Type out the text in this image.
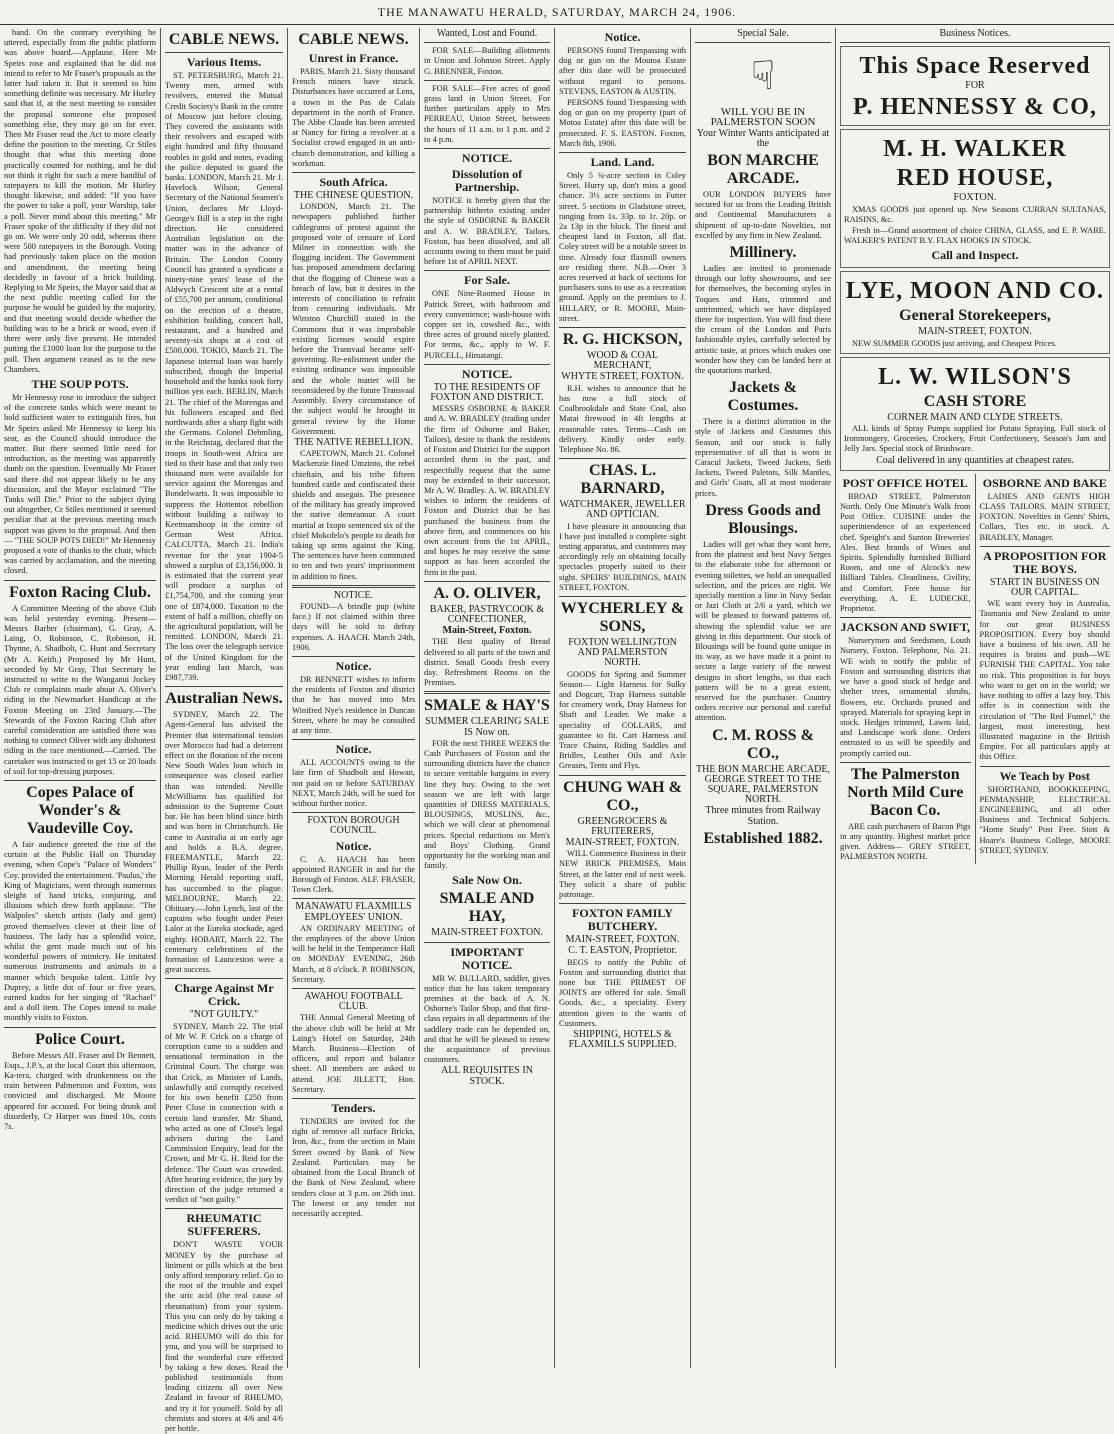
THE MANAWATU HERALD, SATURDAY, MARCH 24, 1906.

band. On the contrary everything be uttered, especially from the public platform was above board.—Applause. Here Mr Speirs rose and explained that he did not intend to refer to Mr Fraser's proposals as the latter had taken it. But it seemed to him something definite was necessary. Mr Hurley said that if, at the next meeting to consider the proposal someone else proposed something else, they may go on for ever. Then Mr Fraser read the Act to more clearly define the position to the meeting. Cr Stiles thought that what this meeting done practically counted for nothing, and he did not think it right for such a mere handful of ratepayers to kill the motion. Mr Hurley thought likewise, and added: "If you have the power to take a poll, your Worship, take a poll. Never mind about this meeting." Mr Fraser spoke of the difficulty if they did not go on. We were only 20 odd, whereas there were 500 ratepayers in the Borough. Voting had previously taken place on the motion and amendment, the meeting being decidedly in favour of a brick building. Replying to Mr Speirs, the Mayor said that at the next public meeting called for the purpose he would be guided by the majority, and that meeting would decide whether the building was to be a brick or wood, even if there were only five present. He intended putting the £1000 loan for the purpose to the poll. Then argument ceased as to the new Chambers.

THE SOUP POTS.

Mr Hennessy rose to introduce the subject of the concrete tanks which were meant to hold sufficient water to extinguish fires, but Mr Speirs asked Mr Hennessy to keep his seat, as the Council should introduce the matter. But there seemed little need for introduction, as the meeting was apparently dumb on the question. Eventually Mr Fraser said there did not appear likely to be any discussion, and the Mayor exclaimed "The Tanks will Die." Prior to the subject dying out altogether, Cr Stiles mentioned it seemed peculiar that at the previous meeting much support was given to the proposal. And then— "THE SOUP POTS DIED!" Mr Hennessy proposed a vote of thanks to the chair, which was carried by acclamation, and the meeting closed.

Foxton Racing Club.

A Committee Meeting of the above Club was held yesterday evening. Present—Messrs Barber (chairman), G. Gray, A. Laing, O. Robinson, C. Robinson, H. Thynne, A. Shadbolt, C. Hunt and Secretary (Mr A. Keith.) Proposed by Mr Hunt, seconded by Mr Gray, That Secretary be instructed to write to the Wanganui Jockey Club re complaints made about A. Oliver's riding in the Newmarket Handicap at the Foxton Meeting on 23rd January.—The Stewards of the Foxton Racing Club after careful consideration are satisfied there was nothing to connect Oliver with any dishonest riding in the race mentioned.—Carried. The caretaker was instructed to get 15 or 20 loads of soil for top-dressing purposes.

Copes Palace of Wonder's & Vaudeville Coy.

A fair audience greeted the rise of the curtain at the Public Hall on Thursday evening, when Cope's "Palace of Wonders" Coy. provided the entertainment. 'Paulus,' the King of Magicians, went through numerous sleight of hand tricks, conjuring, and illusions which drew forth applause. "The Walpoles" sketch artists (lady and gent) proved themselves clever at their line of business. The lady has a splendid voice, whilst the gent made much out of his wonderful powers of mimicry. He imitated numerous instruments and animals in a manner which bespoke talent. Little Ivy Duprey, a little dot of four or five years, earned kudos for her singing of "Rachael" and a doll item. The Copes intend to make monthly visits to Foxton.

Police Court.

Before Messrs Alf. Fraser and Dr Bennett, Esqs., J.P.'s, at the local Court this afternoon, Ka-tera, charged with drunkenness on the train between Palmerston and Foxton, was convicted and discharged. Mr Moore appeared for accused. For being drunk and disorderly, Cr Harper was fined 10s, costs 7s.

CABLE NEWS.
Various Items.

ST. PETERSBURG, March 21. Twenty men, armed with revolvers, entered the Mutual Credit Society's Bank in the centre of Moscow just before closing. They covered the assistants with their revolvers and escaped with eight hundred and fifty thousand roubles in gold and notes, evading the police deputed to guard the banks. LONDON, March 21. Mr J. Havelock Wilson, General Secretary of the National Seamen's Union, declares Mr Lloyd-George's Bill is a step in the right direction. He considered Australian legislation on the matter was in the advance of Britain. The London County Council has granted a syndicate a ninety-nine years' lease of the Aldwych Crescent site at a rental of £55,700 per annum, conditional on the erection of a theatre, exhibition building, concert hall, restaurant, and a hundred and seventy-six shops at a cost of £500,000. TOKIO, March 21. The Japanese internal loan was barely subscribed, though the Imperial household and the banks took forty million yen each. BERLIN, March 21. The chief of the Morengas and his followers escaped and fled northwards after a sharp fight with the Germans. Colonel Dehmling, in the Reichstag, declared that the troops in South-west Africa are tied to their base and that only two thousand men were available for service against the Morengas and Bondelwarts. It was impossible to suppress the Hottentot rebellion without building a railway to Keetmanshoop in the centre of German West Africa. CALCUTTA, March 21. India's revenue for the year 1904-5 showed a surplus of £3,156,000. It is estimated that the current year will produce a surplus of £1,754,700, and the coming year one of £874,000. Taxation to the extent of half a million, chiefly on the agricultural population, will be remitted. LONDON, March 21. The loss over the telegraph service of the United Kingdom for the year ending last March, was £987,739.

Australian News.

SYDNEY, March 22. The Agent-General has advised the Premier that international tension over Morocco had had a deterrent effect on the flotation of the recent New South Wales loan which in consequence was closed earlier than was intended. Neville McWilliams has qualified for admission to the Supreme Court bar. He has been blind since birth and was born in Christchurch. He came to Australia at an early age and holds a B.A. degree. FREEMANTLE, March 22. Phillip Ryan, leader of the Perth Morning Herald reporting staff, has succumbed to the plague. MELBOURNE, March 22. Obituary.—John Lynch, last of the captains who fought under Peter Lalor at the Eureka stockade, aged eighty. HOBART, March 22. The centenary celebrations of the formation of Launceston were a great success.

Charge Against Mr Crick.
"NOT GUILTY."

SYDNEY, March 22. The trial of Mr W. P. Crick on a charge of corruption came to a sudden and sensational termination in the Criminal Court. The charge was that Crick, as Minister of Lands, unlawfully and corruptly received for his own benefit £250 from Peter Close in connection with a certain land transfer. Mr Shand, who acted as one of Close's legal advisers during the Land Commission Enquiry, lead for the Crown, and Mr G. H. Reid for the defence. The Court was crowded. After hearing evidence, the jury by direction of the judge returned a verdict of "not guilty."

RHEUMATIC SUFFERERS.

DON'T WASTE YOUR MONEY by the purchase of liniment or pills which at the best only afford temporary relief. Go to the root of the trouble and expel the uric acid (the real cause of rheumatism) from your system. This you can only do by taking a medicine which drives out the uric acid. RHEUMO will do this for you, and you will be surprised to find the wonderful cure effected by taking a few doses. Read the published testimonials from leading citizens all over New Zealand in favour of RHEUMO, and try it for yourself. Sold by all chemists and stores at 4/6 and 4/6 per bottle.

CABLE NEWS.
Unrest in France.

PARIS, March 21. Sixty thousand French miners have struck. Disturbances have occurred at Lens, a town in the Pas de Calais department in the north of France. The Abbe Claude has been arrested at Nancy for firing a revolver at a Socialist crowd engaged in an anti-church demonstration, and killing a workman.

South Africa.
THE CHINESE QUESTION.

LONDON, March 21. The newspapers published further cablegrams of protest against the proposed vote of censure of Lord Milner in connection with the flogging incident. The Government has proposed amendment declaring that the flogging of Chinese was a breach of law, but it desires in the interests of conciliation to refrain from censuring individuals. Mr Winston Churchill stated in the Commons that it was improbable existing licenses would expire before the Transvaal became self-governing. Re-enlistment under the existing ordinance was impossible and the whole matter will be reconsidered by the future Transvaal Assembly. Every circumstance of the subject would be brought in general review by the Home Government.

THE NATIVE REBELLION.

CAPETOWN, March 21. Colonel Mackenzie fined Umzinto, the rebel chieftain, and his tribe fifteen hundred cattle and confiscated their shields and assegais. The presence of the military has greatly improved the native demeanour. A court martial at Ixopo sentenced six of the chief Mokofelo's people to death for taking up arms against the King. The sentences have been commuted to ten and two years' imprisonment in addition to fines.

NOTICE.

FOUND—A brindle pup (white face.) If not claimed within three days will be sold to defray expenses. A. HAACH. March 24th, 1906.

Notice.

DR BENNETT wishes to inform the residents of Foxton and district that he has moved into Mrs Winifred Nye's residence in Duncan Street, where he may be consulted at any time.

Notice.

ALL ACCOUNTS owing to the late firm of Shadbolt and Howan, not paid on or before SATURDAY NEXT, March 24th, will be sued for without further notice.

FOXTON BOROUGH COUNCIL.
Notice.

C. A. HAACH has been appointed RANGER in and for the Borough of Foxton. ALF. FRASER, Town Clerk.

MANAWATU FLAXMILLS EMPLOYEES' UNION.

AN ORDINARY MEETING of the employees of the above Union will be held in the Temperance Hall on MONDAY EVENING, 26th March, at 8 o'clock. P. ROBINSON, Secretary.

AWAHOU FOOTBALL CLUB.

THE Annual General Meeting of the above club will be held at Mr Laing's Hotel on Saturday, 24th March. Business—Election of officers, and report and balance sheet. All members are asked to attend. JOE JILLETT, Hon. Secretary.

Tenders.

TENDERS are invited for the right of remove all surface Bricks, Iron, &c., from the section in Main Street owned by Bank of New Zealand. Particulars may be obtained from the Local Branch of the Bank of New Zealand, where tenders close at 3 p.m. on 26th inst. The lowest or any tender not necessarily accepted.

Wanted, Lost and Found.

FOR SALE—Building allotments in Union and Johnson Street. Apply G. BRENNER, Foxton.

FOR SALE—Five acres of good grass land in Union Street. For further particulars apply to Mrs PERREAU, Union Street, between the hours of 11 a.m. to 1 p.m. and 2 to 4 p.m.

NOTICE.
Dissolution of Partnership.

NOTICE is hereby given that the partnership hitherto existing under the style of OSBORNE & BAKER and A. W. BRADLEY, Tailors, Foxton, has been dissolved, and all accounts owing to them must be paid before 1st of APRIL NEXT.

For Sale.

ONE Nine-Roomed House in Patrick Street, with bathroom and every convenience; wash-house with copper set in, cowshed &c., with three acres of ground nicely planted. For terms, &c., apply to W. F. PURCELL, Himatangi.

NOTICE.
TO THE RESIDENTS OF FOXTON AND DISTRICT.

MESSRS OSBORNE & BAKER and A. W. BRADLEY (trading under the firm of Osborne and Baker, Tailors), desire to thank the residents of Foxton and District for the support accorded them in the past, and respectfully request that the same may be extended to their successor, Mr A. W. Bradley. A. W. BRADLEY wishes to inform the residents of Foxton and District that he has purchased the business from the above firm, and commences on his own account from the 1st APRIL, and hopes he may receive the same support as has been accorded the firm in the past.

A. O. OLIVER,
BAKER, PASTRYCOOK & CONFECTIONER,
Main-Street, Foxton.

THE Best quality of Bread delivered to all parts of the town and district. Small Goods fresh every day. Refreshment Rooms on the Premises.

SMALE & HAY'S
SUMMER CLEARING SALE IS Now on.

FOR the next THREE WEEKS the Cash Purchasers of Foxton and the surrounding districts have the chance to secure veritable bargains in every line they buy. Owing to the wet season we are left with large quantities of DRESS MATERIALS, BLOUSINGS, MUSLINS, &c., which we will clear at phenomenal prices. Special reductions on Men's and Boys' Clothing. Grand opportunity for the working man and family.

Sale Now On.
SMALE AND HAY,
MAIN-STREET FOXTON.
IMPORTANT NOTICE.

MR W. BULLARD, saddler, gives notice that he has taken temporary premises at the back of A. N. Osborne's Tailor Shop, and that first-class repairs in all departments of the saddlery trade can be depended on, and that he will be pleased to renew the acquaintance of previous customers.

ALL REQUISITES IN STOCK.
Notice.

PERSONS found Trespassing with dog or gun on the Moutoa Estate after this date will be prosecuted without regard to persons. STEVENS, EASTON & AUSTIN.

PERSONS found Trespassing with dog or gun on my property (part of Motoa Estate) after this date will be prosecuted. F. S. EASTON. Foxton, March 8th, 1906.

Land. Land.

Only 5 ¾-acre section in Coley Street. Hurry up, don't miss a good chance. 3½ acre sections in Futter street. 5 sections in Gladstone street, ranging from 1s. 33p. to 1r. 20p. or 2a 13p in the block. The finest and cheapest land in Foxton, all flat. Coley street will be a notable street in time. Already four flaxmill owners are residing there. N.B.—Over 3 acres reserved at back of sections for purchasers sons to use as a recreation ground. Apply on the premises to J. HILLARY, or R. MOORE, Main-street.

R. G. HICKSON,
WOOD & COAL MERCHANT,
WHYTE STREET, FOXTON.

R.H. wishes to announce that he has now a full stock of Coalbrookdale and State Coal, also Matai firewood in 4ft lengths at reasonable rates. Terms—Cash on delivery. Kindly order early. Telephone No. 86.

CHAS. L. BARNARD,
WATCHMAKER, JEWELLER AND OPTICIAN.

I have pleasure in announcing that I have just installed a complete sight testing apparatus, and customers may accordingly rely on obtaining locally spectacles properly suited to their sight. SPEIRS' BUILDINGS, MAIN STREET, FOXTON.

WYCHERLEY & SONS,
FOXTON WELLINGTON AND PALMERSTON NORTH.

GOODS for Spring and Summer Season— Light Harness for Sulky and Dogcart, Trap Harness suitable for creamery work, Dray Harness for Shaft and Leader. We make a speciality of COLLARS, and guarantee to fit. Cart Harness and Trace Chains, Riding Saddles and Bridles, Leather Oils and Axle Greases, Tents and Flys.

CHUNG WAH & CO.,
GREENGROCERS & FRUITERERS,
MAIN-STREET, FOXTON.

WILL Commence Business in their NEW BRICK PREMISES, Main Street, at the latter end of next week. They solicit a share of public patronage.

FOXTON FAMILY BUTCHERY.
MAIN-STREET, FOXTON.
C. T. EASTON, Proprietor.

BEGS to notify the Public of Foxton and surrounding district that none but THE PRIMEST OF JOINTS are offered for sale. Small Goods, &c., a speciality. Every attention given to the wants of Customers.

SHIPPING, HOTELS & FLAXMILLS SUPPLIED.
Special Sale.
☟
WILL YOU BE IN PALMERSTON SOON
Your Winter Wants anticipated at the
BON MARCHE ARCADE.

OUR LONDON BUYERS have secured for us from the Leading British and Continental Manufacturers a shipment of up-to-date Novelties, not excelled by any firm in New Zealand.

Millinery.

Ladies are invited to promenade through our lofty showrooms, and see for themselves, the becoming styles in Toques and Hats, trimmed and untrimmed, which we have displayed there for inspection. You will find there the cream of the London and Paris fashionable styles, carefully selected by artistic taste, at prices which makes one wonder how they can be landed here at the quotations marked.

Jackets & Costumes.

There is a distinct alteration in the style of Jackets and Costumes this Season, and our stock is fully representative of all that is worn in Caracul Jackets, Tweed Jackets, Seth Jackets, Tweed Paletots, Silk Mantles, and Girls' Coats, all at most moderate prices.

Dress Goods and Blousings.

Ladies will get what they want here, from the plainest and best Navy Serges to the elaborate robe for afternoon or evening toilettes, we hold an unequalled selection, and the prices are right. We specially mention a line in Navy Sedan or Jazi Cloth at 2/6 a yard, which we will be pleased to forward patterns of, showing the splendid value we are giving in this department. Our stock of Blousings will be found quite unique in its way, as we have made it a point to secure a large variety of the newest designs in short lengths, so that each pattern will be to a great extent, reserved for the purchaser. Country orders receive our personal and careful attention.

C. M. ROSS & CO.,
THE BON MARCHE ARCADE, GEORGE STREET TO THE SQUARE, PALMERSTON NORTH.
Three minutes from Railway Station.
Established 1882.
Business Notices.
This Space Reserved
FOR
P. HENNESSY & CO,
M. H. WALKER
RED HOUSE,
FOXTON.

XMAS GOODS just opened up. New Seasons CURRAN SULTANAS, RAISINS, &c.

Fresh in—Grand assortment of choice CHINA, GLASS, and E. P. WARE. WALKER'S PATENT B.Y. FLAX HOOKS IN STOCK.

Call and Inspect.
LYE, MOON AND CO.
General Storekeepers,
MAIN-STREET, FOXTON.

NEW SUMMER GOODS just arriving, and Cheapest Prices.

L. W. WILSON'S
CASH STORE
CORNER MAIN AND CLYDE STREETS.

ALL kinds of Spray Pumps supplied for Potato Spraying. Full stock of Ironmongery, Groceries, Crockery, Fruit Confectionery, Season's Jam and Jelly Jars. Special stock of Brushware.

Coal delivered in any quantities at cheapest rates.
POST OFFICE HOTEL

BROAD STREET, Palmerston North. Only One Minute's Walk from Post Office. CUISINE under the superintendence of an experienced chef. Speight's and Sunton Breweries' Ales. Best brands of Wines and Spirits. Splendidly furnished Billiard Room, and one of Alcock's new Billiard Tables. Cleanliness, Civility, and Comfort. Free house for everything. A. E. LUDECKE, Proprietor.

JACKSON AND SWIFT,

Nurserymen and Seedsmen, Louth Nursery, Foxton. Telephone, No. 21. WE wish to notify the public of Foxton and surrounding districts that we have a good stock of hedge and shelter trees, ornamental shrubs, flowers, etc. Orchards pruned and sprayed. Materials for spraying kept in stock. Hedges trimmed, Lawns laid, and Landscape work done. Orders entrusted to us will be speedily and promptly carried out.

The Palmerston North Mild Cure Bacon Co.

ARE cash purchasers of Bacon Pigs in any quantity. Highest market price given. Address— GREY STREET, PALMERSTON NORTH.

OSBORNE AND BAKE

LADIES AND GENTS HIGH CLASS TAILORS. MAIN STREET, FOXTON. Novelties in Gents' Shirts, Collars, Ties etc. in stock. A. BRADLEY, Manager.

A PROPOSITION FOR THE BOYS.
START IN BUSINESS ON OUR CAPITAL.

WE want every boy in Australia, Tasmania and New Zealand to unite for our great BUSINESS PROPOSITION. Every boy should have a business of his own. All he requires is brains and push—WE FURNISH THE CAPITAL. You take no risk. This proposition is for boys who want to get on in the world; we have nothing to offer a lazy boy. This offer is in connection with the circulation of "The Red Funnel," the largest, most interesting, best illustrated magazine in the British Empire. For all particulars apply at this Office.

We Teach by Post

SHORTHAND, BOOKKEEPING, PENMANSHIP, ELECTRICAL ENGINEERING, and all other Business and Technical Subjects. "Home Study" Post Free. Stott & Hoare's Business College, MOORE STREET, SYDNEY.
